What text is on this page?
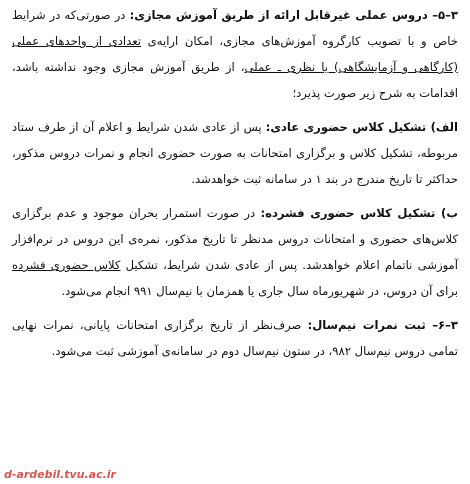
۳–۵– دروس عملی غیرقابل ارائه از طریق آموزش مجازی: در صورتی‌که در شرایط خاص و با تصویب کارگروه آموزش‌های مجازی، امکان ارایه‌ی تعدادی از واحدهای عملی (کارگاهی و آزمایشگاهی) یا نظری ـ عملی، از طریق آموزش مجازی وجود نداشته باشد، اقدامات به شرح زیر صورت پذیرد؛

الف) تشکیل کلاس حضوری عادی: پس از عادی شدن شرایط و اعلام آن از طرف ستاد مربوطه، تشکیل کلاس و برگزاری امتحانات به صورت حضوری انجام و نمرات دروس مذکور، حداکثر تا تاریخ مندرج در بند ۱ در سامانه ثبت خواهدشد.

ب) تشکیل کلاس حضوری فشرده: در صورت استمرار بحران موجود و عدم برگزاری کلاس‌های حضوری و امتحانات دروس مدنظر تا تاریخ مذکور، نمره‌ی این دروس در نرم‌افزار آموزشی ناتمام اعلام خواهدشد. پس از عادی شدن شرایط، تشکیل کلاس حضوری فشرده برای آن دروس، در شهریورماه سال جاری یا همزمان با نیم‌سال ۹۹۱ انجام می‌شود.

۳–۶– ثبت نمرات نیم‌سال: صرف‌نظر از تاریخ برگزاری امتحانات پایانی، نمرات نهایی تمامی دروس نیم‌سال ۹۸۲، در ستون نیم‌سال دوم در سامانه‌ی آموزشی ثبت می‌شود.

d-ardebil.tvu.ac.ir
